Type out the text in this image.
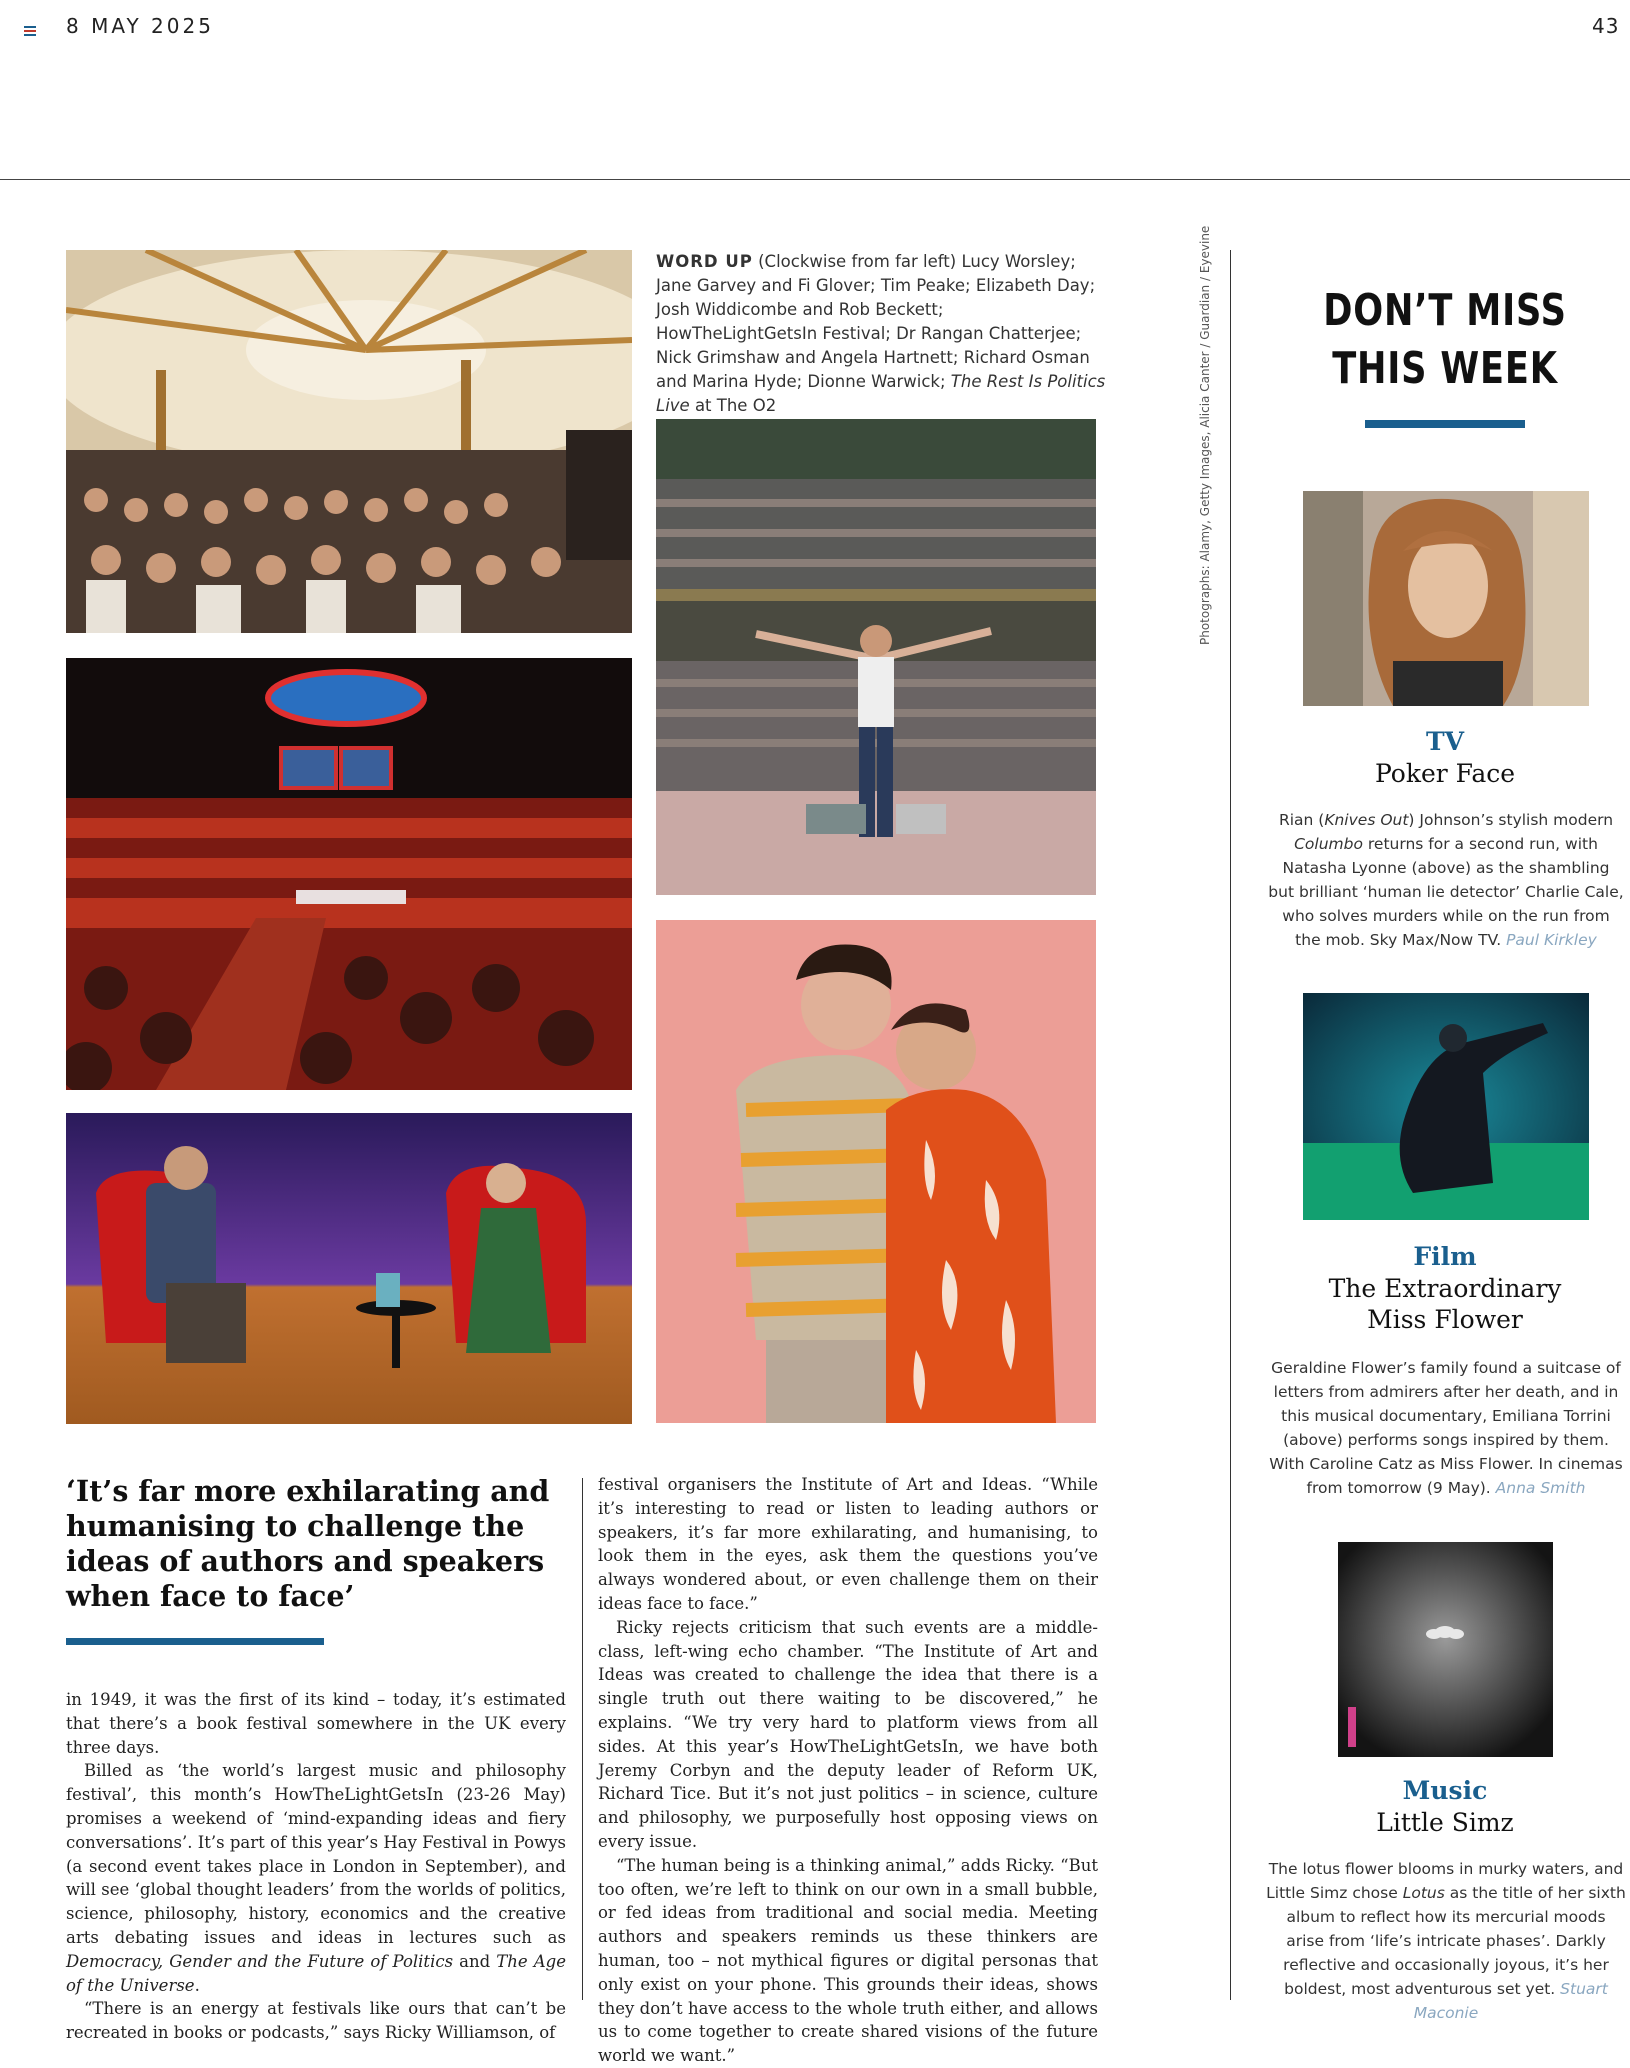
8 MAY 2025	43
WORD UP (Clockwise from far left) Lucy Worsley; Jane Garvey and Fi Glover; Tim Peake; Elizabeth Day; Josh Widdicombe and Rob Beckett; HowTheLightGetsIn Festival; Dr Rangan Chatterjee; Nick Grimshaw and Angela Hartnett; Richard Osman and Marina Hyde; Dionne Warwick; The Rest Is Politics Live at The O2	Photographs: Alamy, Getty Images, Alicia Canter / Guardian / Eyevine	DON’T MISS
THIS WEEK
TV
Poker Face
Rian (Knives Out) Johnson’s stylish modern Columbo returns for a second run, with Natasha Lyonne (above) as the shambling but brilliant ‘human lie detector’ Charlie Cale, who solves murders while on the run from the mob. Sky Max/Now TV. Paul Kirkley
Film
The Extraordinary
Miss Flower
Geraldine Flower’s family found a suitcase of letters from admirers after her death, and in this musical documentary, Emiliana Torrini (above) performs songs inspired by them. With Caroline Catz as Miss Flower. In cinemas from tomorrow (9 May). Anna Smith
Music
Little Simz
The lotus flower blooms in murky waters, and Little Simz chose Lotus as the title of her sixth album to reflect how its mercurial moods arise from ‘life’s intricate phases’. Darkly reflective and occasionally joyous, it’s her boldest, most adventurous set yet. Stuart Maconie
‘It’s far more exhilarating and humanising to challenge the ideas of authors and speakers when face to face’

in 1949, it was the first of its kind – today, it’s estimated that there’s a book festival somewhere in the UK every three days.

Billed as ‘the world’s largest music and philosophy festival’, this month’s HowTheLightGetsIn (23-26 May) promises a weekend of ‘mind-expanding ideas and fiery conversations’. It’s part of this year’s Hay Festival in Powys (a second event takes place in London in September), and will see ‘global thought leaders’ from the worlds of politics, science, philosophy, history, economics and the creative arts debating issues and ideas in lectures such as Democracy, Gender and the Future of Politics and The Age of the Universe.

“There is an energy at festivals like ours that can’t be recreated in books or podcasts,” says Ricky Williamson, of

festival organisers the Institute of Art and Ideas. “While it’s interesting to read or listen to leading authors or speakers, it’s far more exhilarating, and humanising, to look them in the eyes, ask them the questions you’ve always wondered about, or even challenge them on their ideas face to face.”

Ricky rejects criticism that such events are a middle-class, left-wing echo chamber. “The Institute of Art and Ideas was created to challenge the idea that there is a single truth out there waiting to be discovered,” he explains. “We try very hard to platform views from all sides. At this year’s HowTheLightGetsIn, we have both Jeremy Corbyn and the deputy leader of Reform UK, Richard Tice. But it’s not just politics – in science, culture and philosophy, we purposefully host opposing views on every issue.

“The human being is a thinking animal,” adds Ricky. “But too often, we’re left to think on our own in a small bubble, or fed ideas from traditional and social media. Meeting authors and speakers reminds us these thinkers are human, too – not mythical figures or digital personas that only exist on your phone. This grounds their ideas, shows they don’t have access to the whole truth either, and allows us to come together to create shared visions of the future world we want.”
